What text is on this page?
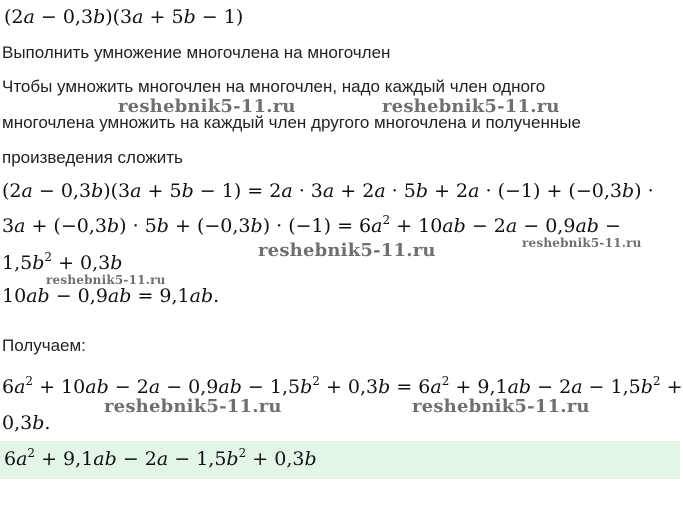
(2a − 0,3b)(3a + 5b − 1)
Выполнить умножение многочлена на многочлен
Чтобы умножить многочлен на многочлен, надо каждый член одного
reshebnik5-11.ru	reshebnik5-11.ru
многочлена умножить на каждый член другого многочлена и полученные
произведения сложить
(2a − 0,3b)(3a + 5b − 1) = 2a · 3a + 2a · 5b + 2a · (−1) + (−0,3b) ·
$3a + (-0,3b) \cdot 5b + (-0,3b) \cdot (-1) = 6a^2 + 10ab - 2a - 0,9ab$ −
reshebnik5-11.ru	reshebnik5-11.ru
$1,5b^2 + 0,3b$
reshebnik5-11.ru
10ab − 0,9ab = 9,1ab.
Получаем:
$6a^2 + 10ab - 2a - 0,9ab - 1,5b^2 + 0,3b = 6a^2 + 9,1ab - 2a - 1,5b^2$ +
reshebnik5-11.ru	reshebnik5-11.ru
0,3b.
$6a^2 + 9,1ab - 2a - 1,5b^2 + 0,3b$
